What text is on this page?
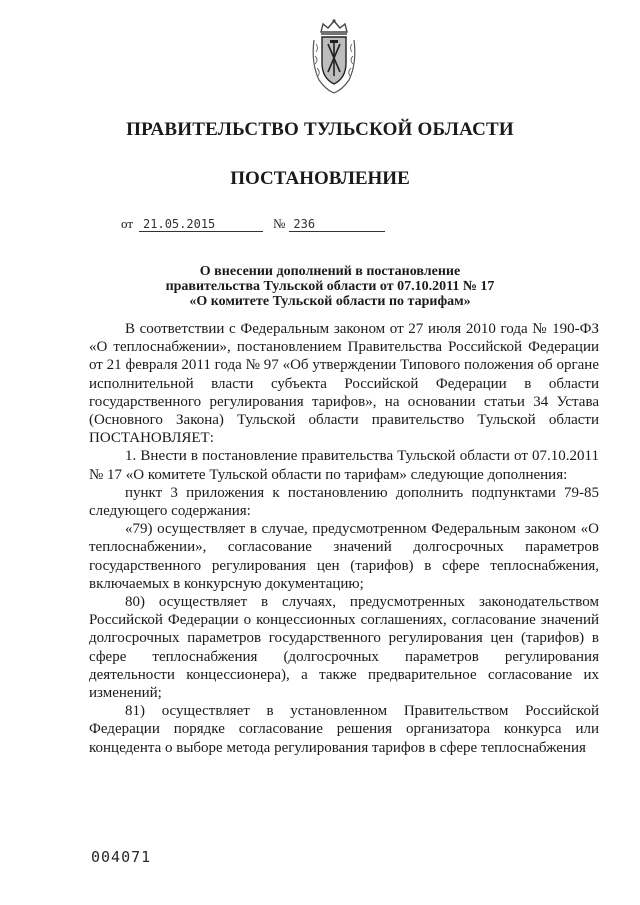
ПРАВИТЕЛЬСТВО ТУЛЬСКОЙ ОБЛАСТИ
ПОСТАНОВЛЕНИЕ
от 21.05.2015	№ 236
О внесении дополнений в постановление
правительства Тульской области от 07.10.2011 № 17
«О комитете Тульской области по тарифам»

В соответствии с Федеральным законом от 27 июля 2010 года № 190-ФЗ «О теплоснабжении», постановлением Правительства Российской Федерации от 21 февраля 2011 года № 97 «Об утверждении Типового положения об органе исполнительной власти субъекта Российской Федерации в области государственного регулирования тарифов», на основании статьи 34 Устава (Основного Закона) Тульской области правительство Тульской области ПОСТАНОВЛЯЕТ:

1. Внести в постановление правительства Тульской области от 07.10.2011 № 17 «О комитете Тульской области по тарифам» следующие дополнения:

пункт 3 приложения к постановлению дополнить подпунктами 79-85 следующего содержания:

«79) осуществляет в случае, предусмотренном Федеральным законом «О теплоснабжении», согласование значений долгосрочных параметров государственного регулирования цен (тарифов) в сфере теплоснабжения, включаемых в конкурсную документацию;

80) осуществляет в случаях, предусмотренных законодательством Российской Федерации о концессионных соглашениях, согласование значений долгосрочных параметров государственного регулирования цен (тарифов) в сфере теплоснабжения (долгосрочных параметров регулирования деятельности концессионера), а также предварительное согласование их изменений;

81) осуществляет в установленном Правительством Российской Федерации порядке согласование решения организатора конкурса или концедента о выборе метода регулирования тарифов в сфере теплоснабжения

004071
